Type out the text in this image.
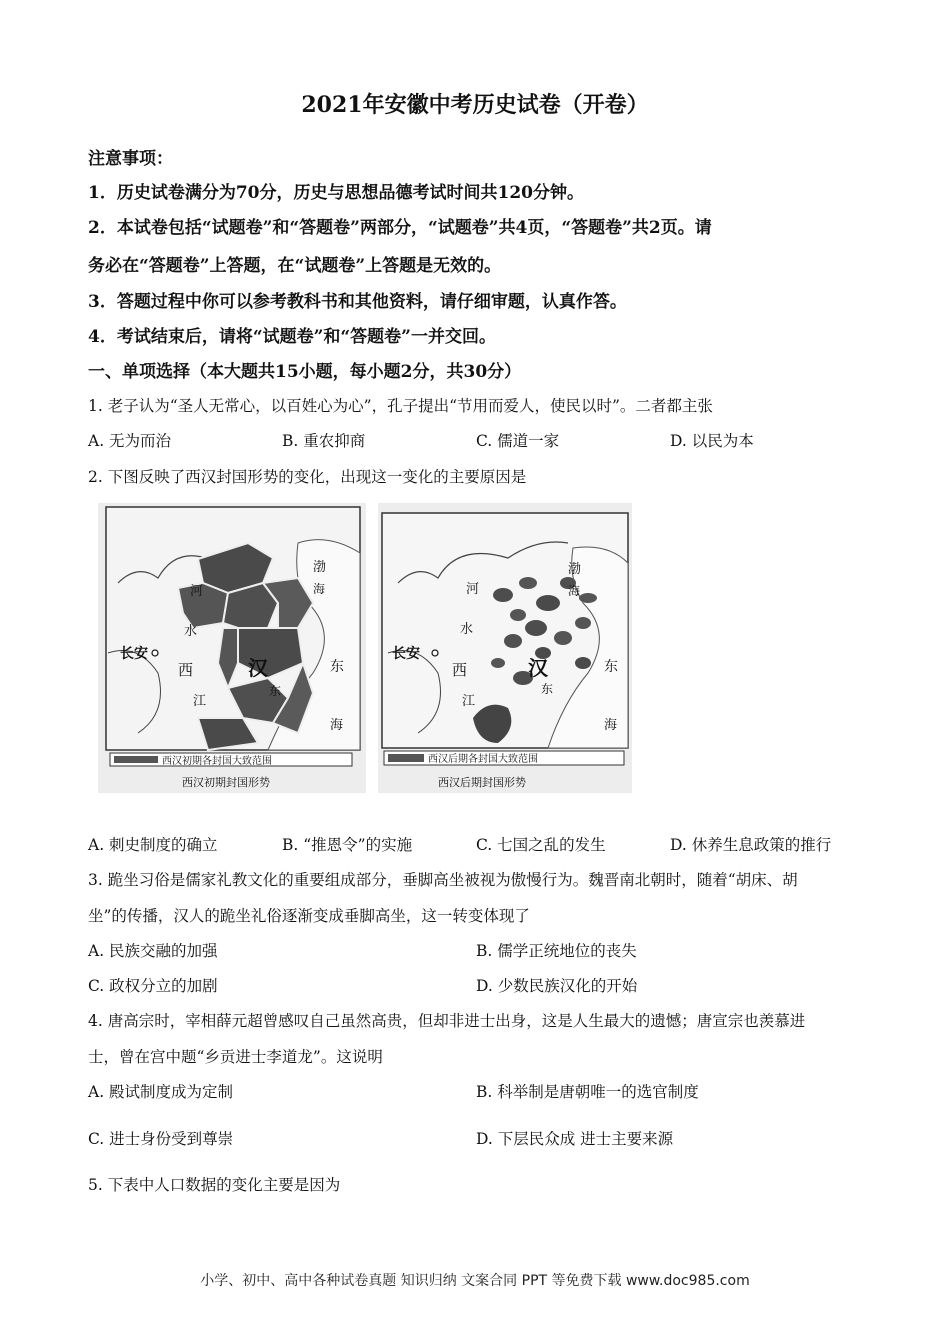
2021年安徽中考历史试卷（开卷）
注意事项：
1．历史试卷满分为70分，历史与思想品德考试时间共120分钟。
2．本试卷包括“试题卷”和“答题卷”两部分，“试题卷”共4页，“答题卷”共2页。请
务必在“答题卷”上答题，在“试题卷”上答题是无效的。
3．答题过程中你可以参考教科书和其他资料，请仔细审题，认真作答。
4．考试结束后，请将“试题卷”和“答题卷”一并交回。
一、单项选择（本大题共15小题，每小题2分，共30分）
1. 老子认为“圣人无常心，以百姓心为心”，孔子提出“节用而爱人，使民以时”。二者都主张
A. 无为而治	B. 重农抑商	C. 儒道一家	D. 以民为本
2. 下图反映了西汉封国形势的变化，出现这一变化的主要原因是
河
水
长安
西	汉
东
江
渤
海
东
海
西汉初期各封国大致范围
西汉初期封国形势
河
水
长安
西	汉
东
江
渤
海
东
海
西汉后期各封国大致范围
西汉后期封国形势
A. 刺史制度的确立	B. “推恩令”的实施	C. 七国之乱的发生	D. 休养生息政策的推行
3. 跪坐习俗是儒家礼教文化的重要组成部分，垂脚高坐被视为傲慢行为。魏晋南北朝时，随着“胡床、胡
坐”的传播，汉人的跪坐礼俗逐渐变成垂脚高坐，这一转变体现了
A. 民族交融的加强	B. 儒学正统地位的丧失
C. 政权分立的加剧	D. 少数民族汉化的开始
4. 唐高宗时，宰相薛元超曾感叹自己虽然高贵，但却非进士出身，这是人生最大的遗憾；唐宣宗也羡慕进
士，曾在宫中题“乡贡进士李道龙”。这说明
A. 殿试制度成为定制	B. 科举制是唐朝唯一的选官制度
C. 进士身份受到尊崇	D. 下层民众成 进士主要来源
5. 下表中人口数据的变化主要是因为
小学、初中、高中各种试卷真题 知识归纳 文案合同 PPT 等免费下载 www.doc985.com
